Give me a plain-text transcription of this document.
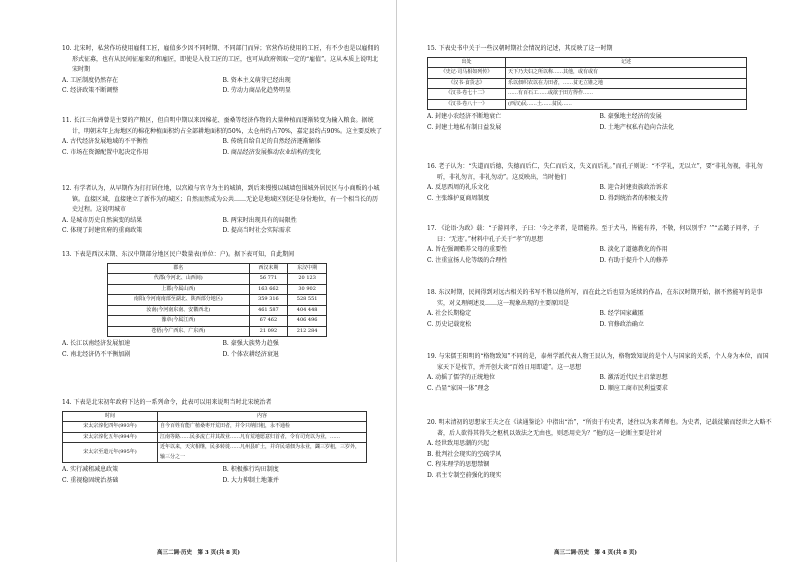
10. 北宋时，私营作坊使用雇佣工匠，雇值多少因不同时期、不同部门而异；官营作坊使用的工匠，有不少也是以雇佣的形式征募，也有从民间征雇来的和雇匠，即使是入役工匠的工匠，也可从政府领取一定的“雇值”。这从本质上说明北宋时期
A. 工匠制度仍然存在	B. 资本主义萌芽已经出现
C. 经济政策不断调整	D. 劳动力商品化趋势明显
11. 长江三角洲曾是主要的产粮区，但自明中期以来因棉花、蚕桑等经济作物的大量种植而逐渐转变为输入粮食。据统计，明朝末年上海地区的棉花种植面积约占全部耕地面积的50%，太仓州约占70%，嘉定县约占90%。这主要反映了
A. 古代经济发展地域的不平衡性	B. 传统自给自足的自然经济逐渐解体
C. 市场在资源配置中起决定作用	D. 商品经济发展推动农业结构的变化
12. 有学者认为，从早期作为打打居住地，以宫殿与官寺为主的城镇，到后来慢慢以城墙包围城外居民区与小商贩的小城镇。直接区域，直接建立了新作为的城区；自然而然成为公共……无论是地域区别还是身份地位，有一个相当长的历史过程。这说明城市
A. 是城市历史自然演变的结果	B. 两宋时出现具有的局限性
C. 体现了封建官府的重商政策	D. 提高当时社会实际需求
13. 下表是西汉末期、东汉中期部分地区民户数量表(单位：户)。据下表可知，自此期间
郡名	西汉末期	东汉中期
代郡(今河北、山西间)	56 771	20 123
上郡(今属山西)	163 662	30 902
南阳(今河南南部至湖北、陕西部分地区)	359 316	528 551
汝南(今河南东南、安徽西北)	461 587	404 448
豫章(今属江西)	67 462	406 496
苍梧(今广西东、广东西)	21 092	212 284
A. 长江以南经济发展加速	B. 豪强大族势力趋强
C. 南北经济仍不平衡加剧	D. 个体农耕经济衰退
14. 下表是北宋初年政府下达的一系列命令，此表可以用来说明当时北宋统治者
时间	内容
宋太宗淳化四年(993年)	自今百姓有能广植桑枣开荒田者，并令只纳旧租，永不通检
宋太宗淳化五年(994年)	江南等路……民多流亡并其故业……凡有荒地愿意归首者，令有司充以为业，……
宋太宗至道元年(995年)	近年以来，天灾相继，民多转徙……凡州县旷土，并许民请佃为永业，蠲三岁租，三岁外，输三分之一
A. 实行减租减息政策	B. 积极推行均田制度
C. 重视稳固统治基础	D. 大力抑制土地兼并
高三二调·历史　第 3 页(共 8 页)
15. 下表史书中关于一些汉朝时期社会情况的记述，其反映了这一时期
出处	记述
《史记·司马相如列传》	天下乃夫妇之所以称……其他，或有或有
《汉书·食货志》	乐以佃织农以在力田者，……贫无立锥之地
《汉书·卷七十二》	……有百石工……或欲于田方得作……
《汉书·卷八十一》	(西汉)民……土……贫民……
A. 封建小农经济不断地衰亡	B. 豪强地主经济的发展
C. 封建土地私有制日益发展	D. 土地产权私有趋向合法化
16. 老子认为：“失道而后德，失德而后仁，失仁而后义，失义而后礼。”而孔子则说：“不学礼，无以立”，要“非礼勿视，非礼勿听，非礼勿言，非礼勿动”。这反映出，当时他们
A. 反思西周的礼乐文化	B. 迎合封建贵族政治诉求
C. 主张维护夏商周制度	D. 得到统治者的积极支持
17. 《论语·为政》载：“子游问孝，子曰：‘今之孝者，是谓能养。至于犬马，皆能有养，不敬，何以别乎？’”“孟懿子问孝，子曰：‘无违’。”材料中孔子关于“孝”的思想
A. 旨在强调赡养父母的重要性	B. 淡化了道德教化的作用
C. 注重宣扬人伦等级的合理性	D. 有助于提升个人的修养
18. 东汉时期，民间得到对远古相关的书写不胜以他所写，而在此之后也显为延续的作品，在东汉时期开始，据不然能写的是事实，对义理阐述及……这一现象出现的主要原因是
A. 社会长期稳定	B. 经学国家藏匿
C. 历史记载宽松	D. 官修政治确立
19. 与宋儒王阳明的“格物致知”不同的是，泰州学派代表人物王艮认为，格物致知说的是个人与国家的关系，个人身为本位，而国家天下是枝节，并开创大谈“百姓日用即道”。这一思想
A. 动摇了儒学的正统地位	B. 激活近代民主启蒙思想
C. 凸显“家国一体”理念	D. 顺应工商市民利益要求
20. 明末清初的思想家王夫之在《读通鉴论》中指出“治”，“所贵于有史者，述往以为来者师也。为史者，记载徒繁而经世之大略不著，后人欲得其得失之枢机以效法之无由也，则恶用史为？”他的这一论断主要是针对
A. 经世致用思潮的兴起
B. 批判社会现实的空疏学风
C. 程朱理学的思想禁锢
D. 君主专制空前强化的现实
高三二调·历史　第 4 页(共 8 页)
